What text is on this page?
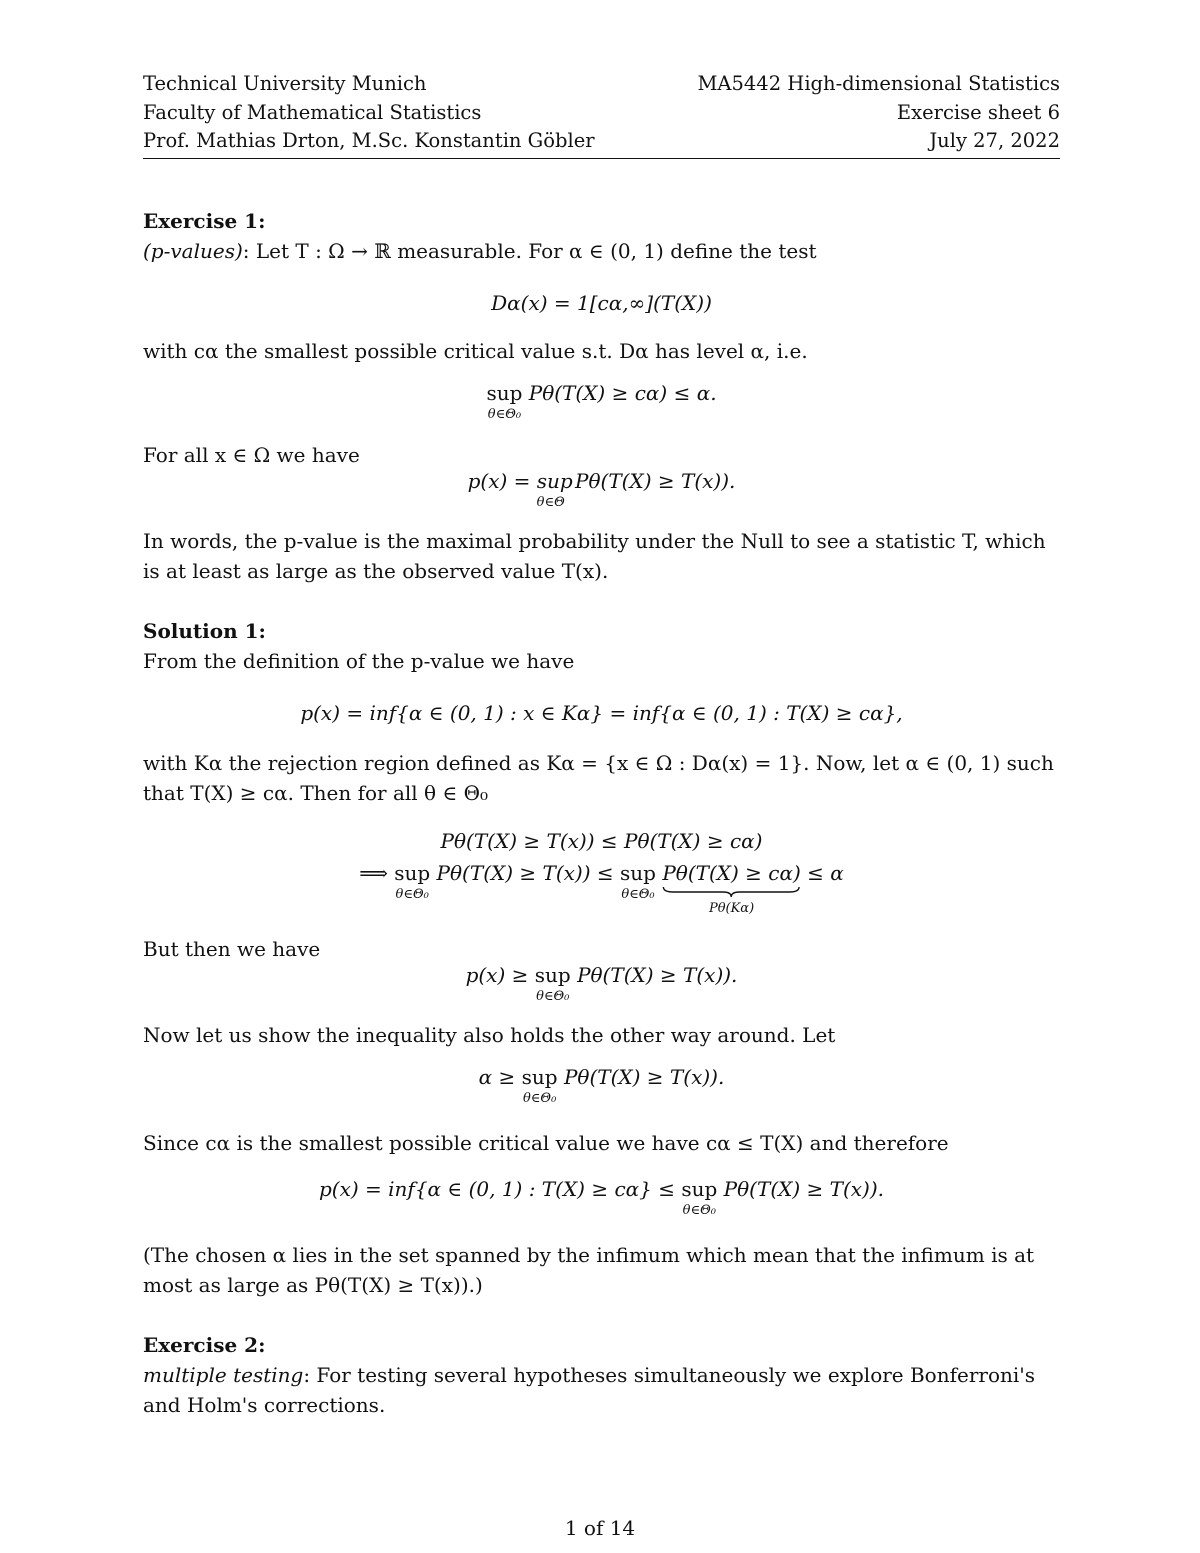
Technical University Munich	MA5442 High-dimensional Statistics
Faculty of Mathematical Statistics	Exercise sheet 6
Prof. Mathias Drton, M.Sc. Konstantin Göbler	July 27, 2022
Exercise 1:
(p-values): Let T : Ω → ℝ measurable. For α ∈ (0, 1) define the test
Dα(x) = 1[cα,∞](T(X))
with cα the smallest possible critical value s.t. Dα has level α, i.e.
sup
θ∈Θ₀
Pθ(T(X) ≥ cα) ≤ α.
For all x ∈ Ω we have
p(x) = sup
θ∈Θ
Pθ(T(X) ≥ T(x)).
In words, the p-value is the maximal probability under the Null to see a statistic T, which is at least as large as the observed value T(x).
Solution 1:
From the definition of the p-value we have
p(x) = inf{α ∈ (0, 1) : x ∈ Kα} = inf{α ∈ (0, 1) : T(X) ≥ cα},
with Kα the rejection region defined as Kα = {x ∈ Ω : Dα(x) = 1}. Now, let α ∈ (0, 1) such that T(X) ≥ cα. Then for all θ ∈ Θ₀
Pθ(T(X) ≥ T(x)) ≤ Pθ(T(X) ≥ cα)
⟹ sup
θ∈Θ₀
Pθ(T(X) ≥ T(x)) ≤ sup
θ∈Θ₀

Pθ(T(X) ≥ cα)
Pθ(Kα)
≤ α
But then we have
p(x) ≥ sup
θ∈Θ₀
Pθ(T(X) ≥ T(x)).
Now let us show the inequality also holds the other way around. Let
α ≥ sup
θ∈Θ₀
Pθ(T(X) ≥ T(x)).
Since cα is the smallest possible critical value we have cα ≤ T(X) and therefore
p(x) = inf{α ∈ (0, 1) : T(X) ≥ cα} ≤ sup
θ∈Θ₀
Pθ(T(X) ≥ T(x)).
(The chosen α lies in the set spanned by the infimum which mean that the infimum is at most as large as Pθ(T(X) ≥ T(x)).)
Exercise 2:
multiple testing: For testing several hypotheses simultaneously we explore Bonferroni's and Holm's corrections.
1 of 14
